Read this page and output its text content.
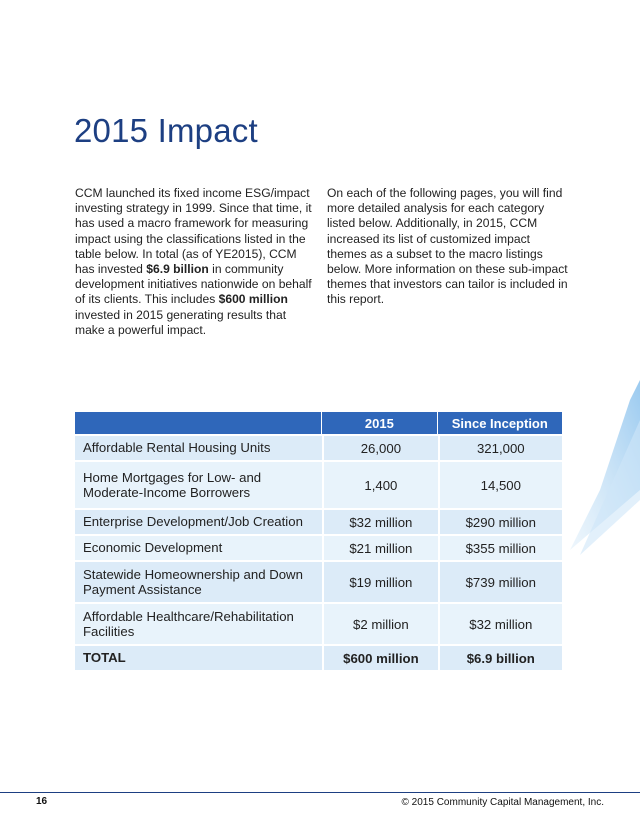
2015 Impact

CCM launched its fixed income ESG/impact investing strategy in 1999. Since that time, it has used a macro framework for measuring impact using the classifications listed in the table below. In total (as of YE2015), CCM has invested $6.9 billion in community development initiatives nationwide on behalf of its clients. This includes $600 million invested in 2015 generating results that make a powerful impact.

On each of the following pages, you will find more detailed analysis for each category listed below. Additionally, in 2015, CCM increased its list of customized impact themes as a subset to the macro listings below. More information on these sub-impact themes that investors can tailor is included in this report.

	2015	Since Inception
Affordable Rental Housing Units	26,000	321,000
Home Mortgages for Low- and Moderate-Income Borrowers	1,400	14,500
Enterprise Development/Job Creation	$32 million	$290 million
Economic Development	$21 million	$355 million
Statewide Homeownership and Down Payment Assistance	$19 million	$739 million
Affordable Healthcare/Rehabilitation Facilities	$2 million	$32 million
TOTAL	$600 million	$6.9 billion
16	© 2015 Community Capital Management, Inc.
